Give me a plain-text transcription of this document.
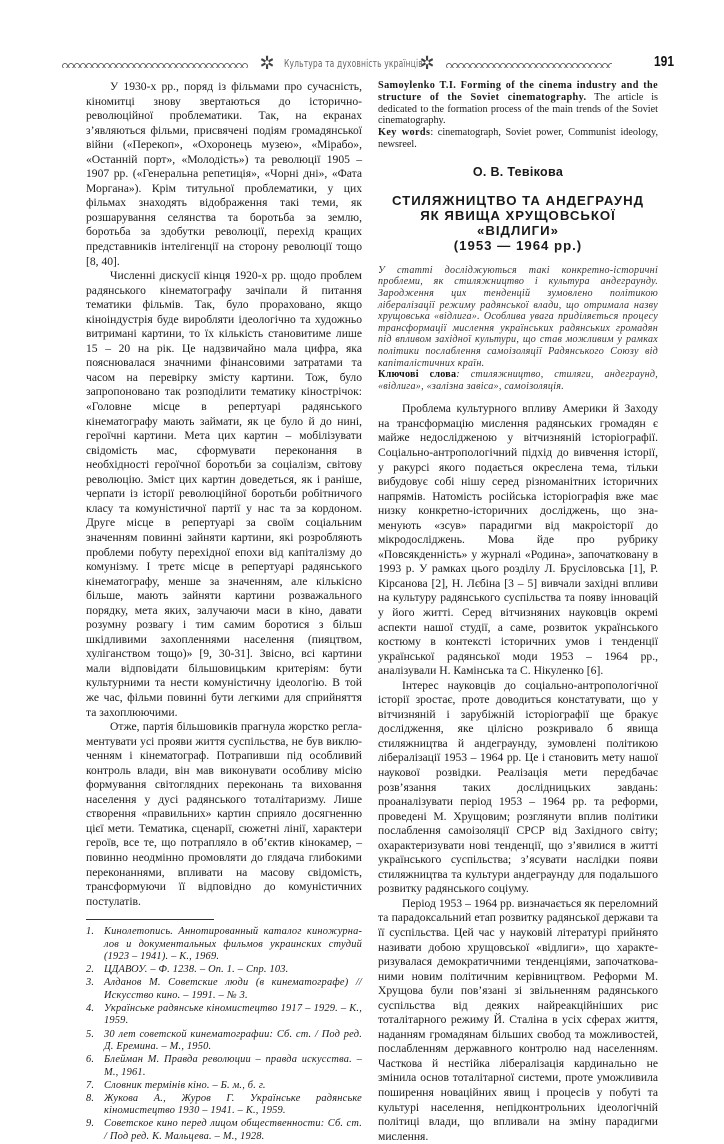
✲ Культура та духовність українців
✲	191

У 1930-х рр., поряд із фільмами про сучасність, кіномитці знову звертаються до історично-революційної проблематики. Так, на екранах з’являються фільми, присвячені подіям громадянської війни («Перекоп», «Охоронець музею», «Мірабо», «Останній порт», «Молодість») та революції 1905 – 1907 рр. («Генеральна репетиція», «Чорні дні», «Фата Моргана»). Крім титульної проблематики, у цих фільмах знаходять відображення такі теми, як розшарування селянства та боротьба за землю, боротьба за здобутки революції, перехід кращих представників інтелігенції на сторону революції тощо [8, 40].

Численні дискусії кінця 1920-х рр. щодо проблем радянського кінематографу зачіпали й питання тематики фільмів. Так, було прораховано, якщо кіноіндустрія буде виробляти ідеологічно та художньо витримані картини, то їх кількість становитиме лише 15 – 20 на рік. Це надзвичайно мала цифра, яка пояснювалася значними фінансовими затратами та часом на перевірку змісту картини. Тож, було запропоновано так розподілити тематику кінострічок: «Головне місце в репертуарі радянського кінематографу мають займати, як це було й до нині, героїчні картини. Мета цих картин – мобілізувати свідомість мас, сформувати переконання в необхідності героїчної боротьби за соціалізм, світову революцію. Зміст цих картин доведеться, як і раніше, черпати із історії революційної боротьби робітничого класу та комуністичної партії у нас та за кордоном. Друге місце в репертуарі за своїм соціальним значенням повинні зайняти картини, які розробляють проблеми побуту перехідної епохи від капіталізму до комунізму. І третє місце в репертуарі радянського кінематографу, менше за значенням, але кількісно більше, мають зайняти картини розважального порядку, мета яких, залучаючи маси в кіно, давати розумну розвагу і тим самим боротися з більш шкідливими захопленнями населення (пияцтвом, хуліганством тощо)» [9, 30-31]. Звісно, всі картини мали відповідати більшовицьким критеріям: бути культурними та нести комуністичну ідеологію. В той же час, фільми повинні бути легкими для сприйняття та захоплюючими.

Отже, партія більшовиків прагнула жорстко регламентувати усі прояви життя суспільства, не був виключенням і кінематограф. Потрапивши під особливий контроль влади, він мав виконувати особливу місію формування світоглядних переконань та виховання населення у дусі радянського тоталітаризму. Лише створення «правильних» картин сприяло досягненню цієї мети. Тематика, сценарії, сюжетні лінії, характери героїв, все те, що потрапляло в об’єктив кінокамер, – повинно неодмінно промовляти до глядача глибокими переконаннями, впливати на масову свідомість, трансформуючи її відповідно до комуністичних постулатів.

1. Кинолетопись. Аннотированный каталог киножурналов и документальных фильмов украинских студий (1923 – 1941). – К., 1969.
2. ЦДАВОУ. – Ф. 1238. – Оп. 1. – Спр. 103.
3. Алданов М. Советские люди (в кинематографе) // Искусство кино. – 1991. – № 3.
4. Українське радянське кіномистецтво 1917 – 1929. – К., 1959.
5. 30 лет советской кинематографии: Сб. ст. / Под ред. Д. Еремина. – М., 1950.
6. Блейман М. Правда революции – правда искусства. – М., 1961.
7. Словник термінів кіно. – Б. м., б. г.
8. Жукова А., Журов Г. Українське радянське кіномистецтво 1930 – 1941. – К., 1959.
9. Советское кино перед лицом общественности: Сб. ст. / Под ред. К. Мальцева. – М., 1928.

Samoylenko T.I. Forming of the cinema industry and the structure of the Soviet cinematography. The article is dedicated to the formation process of the main trends of the Soviet cinematography.

Key words: cinematograph, Soviet power, Communist ideology, newsreel.

О. В. Тевікова
СТИЛЯЖНИЦТВО ТА АНДЕГРАУНД
ЯК ЯВИЩА ХРУЩОВСЬКОЇ «ВІДЛИГИ»
(1953 — 1964 рр.)

У статті досліджуються такі конкретно-історичні проблеми, як стиляжництво і культура андеграунду. Зародження цих тенденцій зумовлено політикою лібералізації режиму радянської влади, що отримала назву хрущовська «відлига». Особлива увага приділяється процесу трансформації мислення українських радянських громадян під впливом західної культури, що став можливим у рамках політики послаблення самоізоляції Радянського Союзу від капіталістичних країн.

Ключові слова: стиляжництво, стиляги, андеграунд, «відлига», «залізна завіса», самоізоляція.

Проблема культурного впливу Америки й Заходу на трансформацію мислення радянських громадян є майже недослідженою у вітчизняній історіографії. Соціально-антропологічний підхід до вивчення історії, у ракурсі якого подається окреслена тема, тільки вибудовує собі нішу серед різноманітних історичних напрямів. Натомість російська історіографія вже має низку конкретно-історичних досліджень, що знаменують «зсув» парадигми від макроісторії до мікродосліджень. Мова йде про рубрику «Повсякденність» у журналі «Родина», започатковану в 1993 р. У рамках цього розділу Л. Брусіловська [1], Р. Кірсанова [2], Н. Лєбіна [3 – 5] вивчали західні впливи на культуру радянського суспільства та появу інновацій у його житті. Серед вітчизняних науковців окремі аспекти нашої студії, а саме, розвиток українського костюму в контексті історичних умов і тенденції української радянської моди 1953 – 1964 рр., аналізували Н. Камінська та С. Нікуленко [6].

Інтерес науковців до соціально-антропологічної історії зростає, проте доводиться констатувати, що у вітчизняній і зарубіжній історіографії ще бракує дослідження, яке цілісно розкривало б явища стиляжництва й андеграунду, зумовлені політикою лібералізації 1953 – 1964 рр. Це і становить мету нашої наукової розвідки. Реалізація мети передбачає розв’язання таких дослідницьких завдань: проаналізувати період 1953 – 1964 рр. та реформи, проведені М. Хрущовим; розглянути вплив політики послаблення самоізоляції СРСР від Західного світу; охарактеризувати нові тенденції, що з’явилися в житті українського суспільства; з’ясувати наслідки появи стиляжництва та культури андеграунду для подальшого розвитку радянського соціуму.

Період 1953 – 1964 рр. визначається як переломний та парадоксальний етап розвитку радянської держави та її суспільства. Цей час у науковій літературі прийнято називати добою хрущовської «відлиги», що характеризувалася демократичними тенденціями, започаткованими новим політичним керівництвом. Реформи М. Хрущова були пов’язані зі звільненням радянського суспільства від деяких найреакційніших рис тоталітарного режиму Й. Сталіна в усіх сферах життя, наданням громадянам більших свобод та можливостей, послабленням державного контролю над населенням. Часткова й нестійка лібералізація кардинально не змінила основ тоталітарної системи, проте уможливила поширення новаційних явищ і процесів у побуті та культурі населення, непідконтрольних ідеологічній політиці влади, що впливали на зміну парадигми мислення.
